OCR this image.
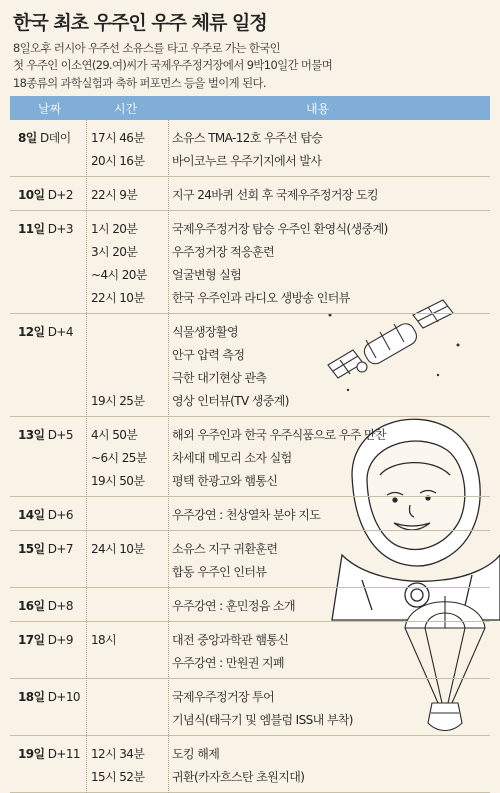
한국 최초 우주인 우주 체류 일정
8일오후 러시아 우주선 소유스를 타고 우주로 가는 한국인
첫 우주인 이소연(29.여)씨가 국제우주정거장에서 9박10일간 머물며
18종류의 과학실험과 축하 퍼포먼스 등을 벌이게 된다.
날짜	시간	내용
8일 D데이 17시 46분 소유스 TMA-12호 우주선 탑승
20시 16분 바이코누르 우주기지에서 발사
10일 D+2 22시 9분	지구 24바퀴 선회 후 국제우주정거장 도킹
11일 D+3 1시 20분	국제우주정거장 탐승 우주인 환영식(생중계)
3시 20분	우주정거장 적응훈련
~4시 20분 얼굴변형 실험
22시 10분 한국 우주인과 라디오 생방송 인터뷰
12일 D+4	식물생장활영
안구 압력 측정
극한 대기현상 관측
19시 25분 영상 인터뷰(TV 생중계)
13일 D+5 4시 50분	해외 우주인과 한국 우주식품으로 우주 만찬
~6시 25분 차세대 메모리 소자 실험
19시 50분 평택 한광고와 햄통신
14일 D+6	우주강연 : 천상열차 분야 지도
15일 D+7 24시 10분 소유스 지구 귀환훈련
합동 우주인 인터뷰
16일 D+8	우주강연 : 훈민정음 소개
17일 D+9 18시	대전 중앙과학관 햄통신
우주강연 : 만원권 지폐
18일 D+10	국제우주정거장 투어
기념식(태극기 및 엠블럼 ISS내 부착)
19일 D+11 12시 34분 도킹 해제
15시 52분 귀환(카자흐스탄 초원지대)
